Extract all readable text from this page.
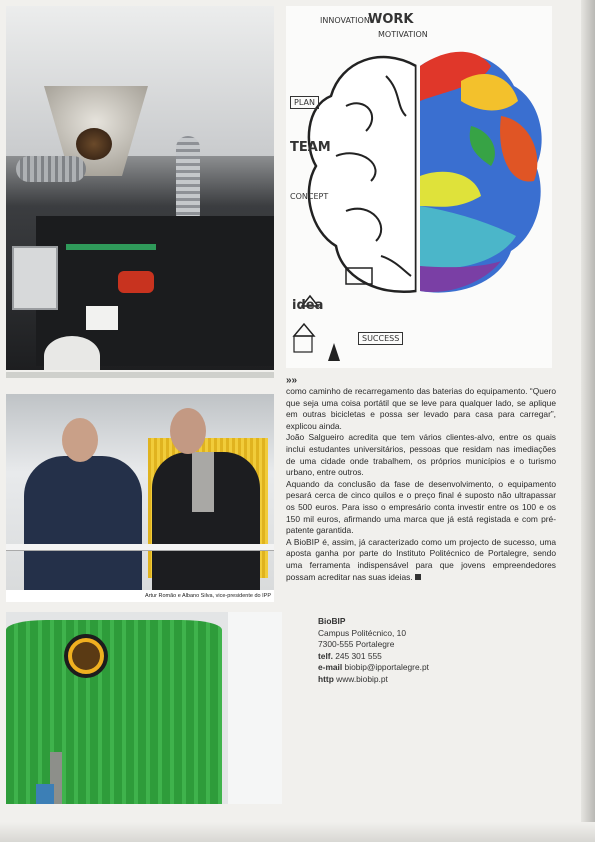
INNOVATION
WORK
MOTIVATION
PLAN
TEAM
CONCEPT
idea
SUCCESS
Artur Romão e Albano Silva, vice-presidente do IPP
»»

como caminho de recarregamento das baterias do equipamento. “Quero que seja uma coisa portátil que se leve para qualquer lado, se aplique em outras bicicletas e possa ser levado para casa para carregar”, explicou ainda.

João Salgueiro acredita que tem vários clientes-alvo, entre os quais inclui estudantes universitários, pessoas que residam nas imediações de uma cidade onde trabalhem, os próprios municípios e o turismo urbano, entre outros.

Aquando da conclusão da fase de desenvolvimento, o equipamento pesará cerca de cinco quilos e o preço final é suposto não ultrapassar os 500 euros. Para isso o empresário conta investir entre os 100 e os 150 mil euros, afirmando uma marca que já está registada e com pré-patente garantida.

A BioBIP é, assim, já caracterizado como um projecto de sucesso, uma aposta ganha por parte do Instituto Politécnico de Portalegre, sendo uma ferramenta indispensável para que jovens empreendedores possam acreditar nas suas ideias.

BioBIP
Campus Politécnico, 10
7300-555 Portalegre
telf. 245 301 555
e-mail biobip@ipportalegre.pt
http www.biobip.pt
